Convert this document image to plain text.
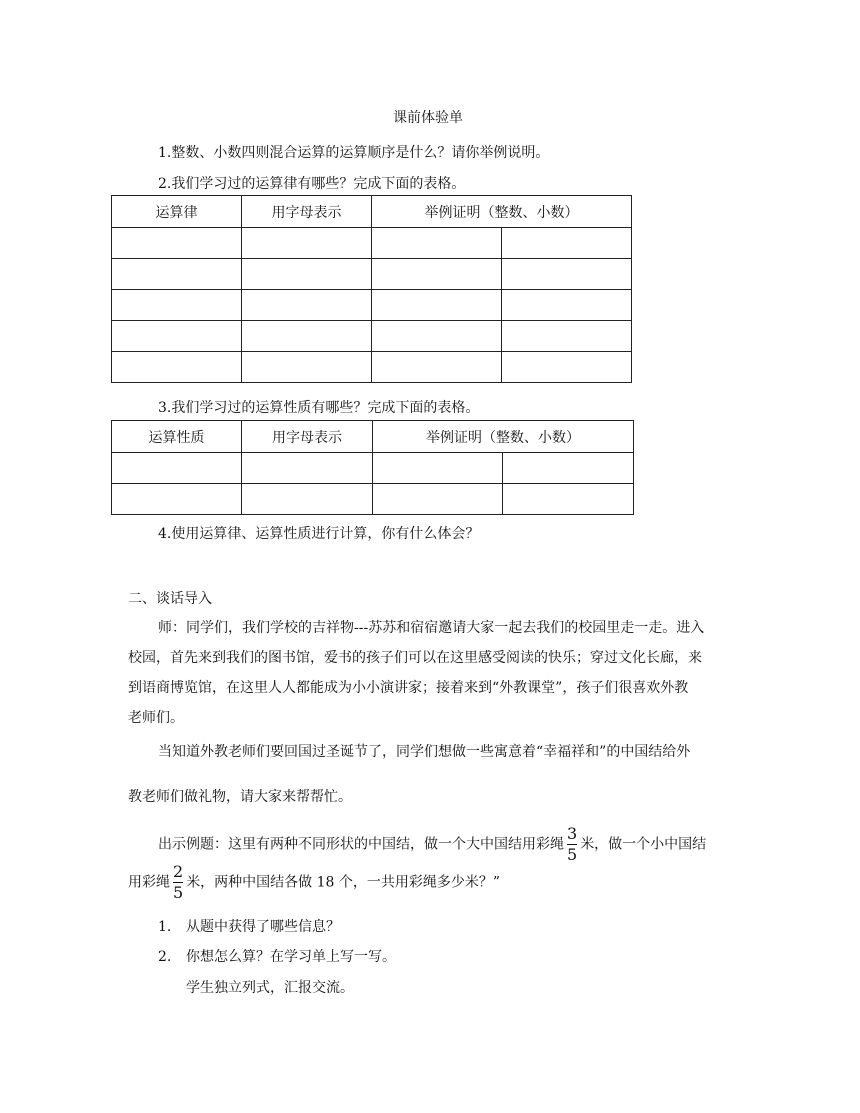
课前体验单
1.整数、小数四则混合运算的运算顺序是什么？请你举例说明。
2.我们学习过的运算律有哪些？完成下面的表格。
运算律	用字母表示	举例证明（整数、小数）	

3.我们学习过的运算性质有哪些？完成下面的表格。
运算性质	用字母表示	举例证明（整数、小数）	

4.使用运算律、运算性质进行计算，你有什么体会？
二、谈话导入
师：同学们，我们学校的吉祥物---苏苏和宿宿邀请大家一起去我们的校园里走一走。进入
校园，首先来到我们的图书馆，爱书的孩子们可以在这里感受阅读的快乐；穿过文化长廊，来
到语商博览馆，在这里人人都能成为小小演讲家；接着来到“外教课堂”，孩子们很喜欢外教
老师们。
当知道外教老师们要回国过圣诞节了，同学们想做一些寓意着“幸福祥和”的中国结给外
教老师们做礼物，请大家来帮帮忙。
出示例题：这里有两种不同形状的中国结，做一个大中国结用彩绳 $\frac{3}{5}$ 米，做一个小中国结
用彩绳 $\frac{2}{5}$ 米，两种中国结各做 18 个，一共用彩绳多少米？”
1. 从题中获得了哪些信息？
2. 你想怎么算？在学习单上写一写。
学生独立列式，汇报交流。
